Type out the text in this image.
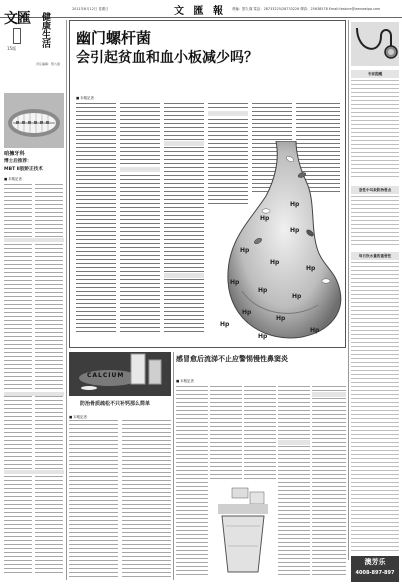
2011年6月12日 星期日	文 匯 報 責編：鄧九傑 電話：28733225/28733226 傳真：25638578 Email:feature@wenweipo.com
文匯	健康生活
15版
責任編輯：鄧九傑
咱擁牙科
博士后推荐：
MBT Ⅱ胶矫正技术
■ 本報記者
幽门螺杆菌
会引起贫血和血小板减少吗？
■ 本報記者
Hp
Hp
Hp
Hp
Hp
Hp
Hp
Hp
Hp
Hp
Hp
Hp
Hp
Hp
专家提醒
急性中耳炎防治要点
每日饮水量的重要性
澳芳乐
4008-897-897
CALCIUM
防治骨质疏松不只补钙那么简单
■ 本報記者
感冒愈后流涕不止应警惕慢性鼻窦炎
■ 本報記者
